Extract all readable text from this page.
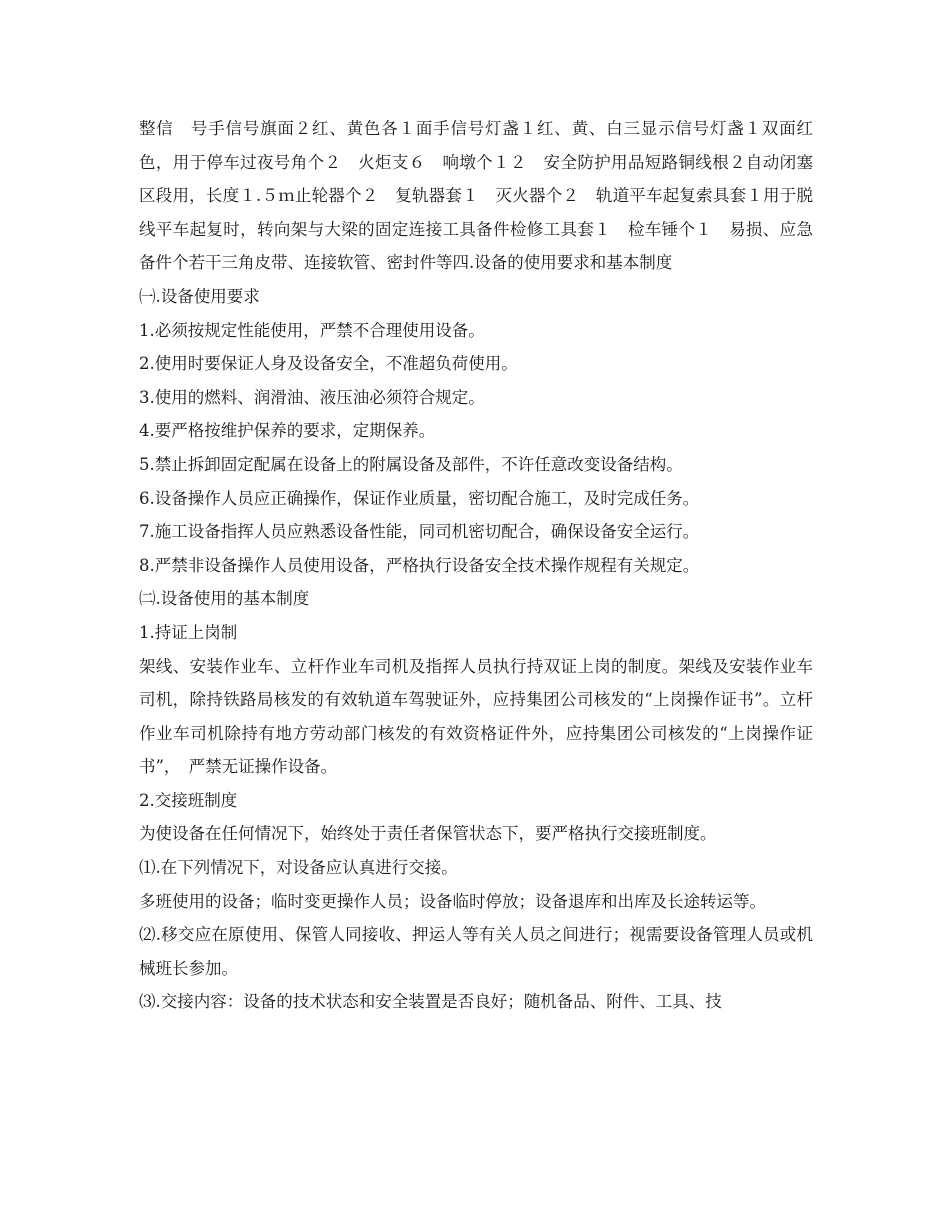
整信　号手信号旗面２红、黄色各１面手信号灯盏１红、黄、白三显示信号灯盏１双面红色，用于停车过夜号角个２　火炬支６　响墩个１２　安全防护用品短路铜线根２自动闭塞区段用，长度１.５ｍ止轮器个２　复轨器套１　灭火器个２　轨道平车起复索具套１用于脱线平车起复时，转向架与大梁的固定连接工具备件检修工具套１　检车锤个１　易损、应急备件个若干三角皮带、连接软管、密封件等四.设备的使用要求和基本制度

㈠.设备使用要求

1.必须按规定性能使用，严禁不合理使用设备。

2.使用时要保证人身及设备安全，不准超负荷使用。

3.使用的燃料、润滑油、液压油必须符合规定。

4.要严格按维护保养的要求，定期保养。

5.禁止拆卸固定配属在设备上的附属设备及部件，不许任意改变设备结构。

6.设备操作人员应正确操作，保证作业质量，密切配合施工，及时完成任务。

7.施工设备指挥人员应熟悉设备性能，同司机密切配合，确保设备安全运行。

8.严禁非设备操作人员使用设备，严格执行设备安全技术操作规程有关规定。

㈡.设备使用的基本制度

1.持证上岗制

架线、安装作业车、立杆作业车司机及指挥人员执行持双证上岗的制度。架线及安装作业车司机，除持铁路局核发的有效轨道车驾驶证外，应持集团公司核发的“上岗操作证书”。立杆作业车司机除持有地方劳动部门核发的有效资格证件外，应持集团公司核发的“上岗操作证书”，　严禁无证操作设备。

2.交接班制度

为使设备在任何情况下，始终处于责任者保管状态下，要严格执行交接班制度。

⑴.在下列情况下，对设备应认真进行交接。

多班使用的设备；临时变更操作人员；设备临时停放；设备退库和出库及长途转运等。

⑵.移交应在原使用、保管人同接收、押运人等有关人员之间进行；视需要设备管理人员或机械班长参加。

⑶.交接内容：设备的技术状态和安全装置是否良好；随机备品、附件、工具、技
